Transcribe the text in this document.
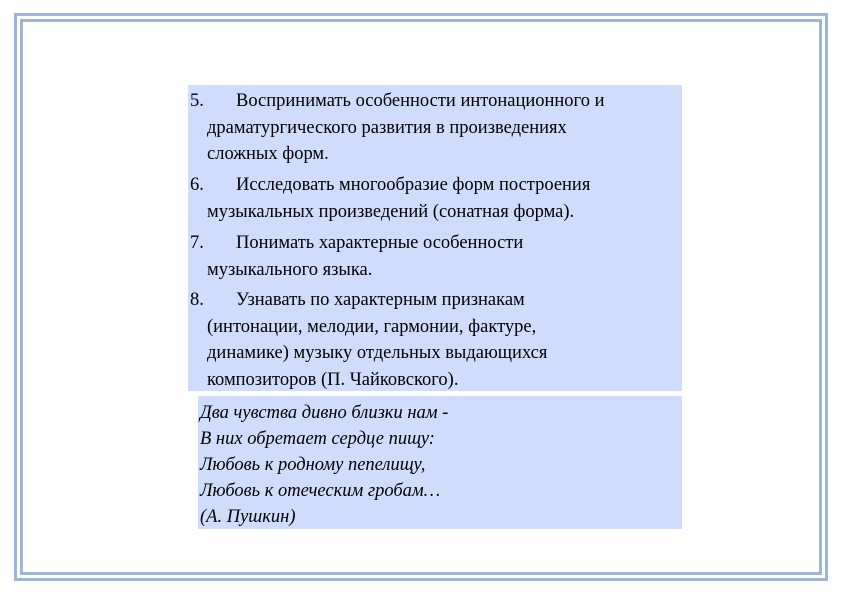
5.	Воспринимать особенности интонационного и
драматургического развития в произведениях
сложных форм.
6.	Исследовать многообразие форм построения
музыкальных произведений (сонатная форма).
7.	Понимать характерные особенности
музыкального языка.
8.	Узнавать по характерным признакам
(интонации, мелодии, гармонии, фактуре,
динамике) музыку отдельных выдающихся
композиторов (П. Чайковского).
Два чувства дивно близки нам -
В них обретает сердце пищу:
Любовь к родному пепелищу,
Любовь к отеческим гробам…
(А. Пушкин)
